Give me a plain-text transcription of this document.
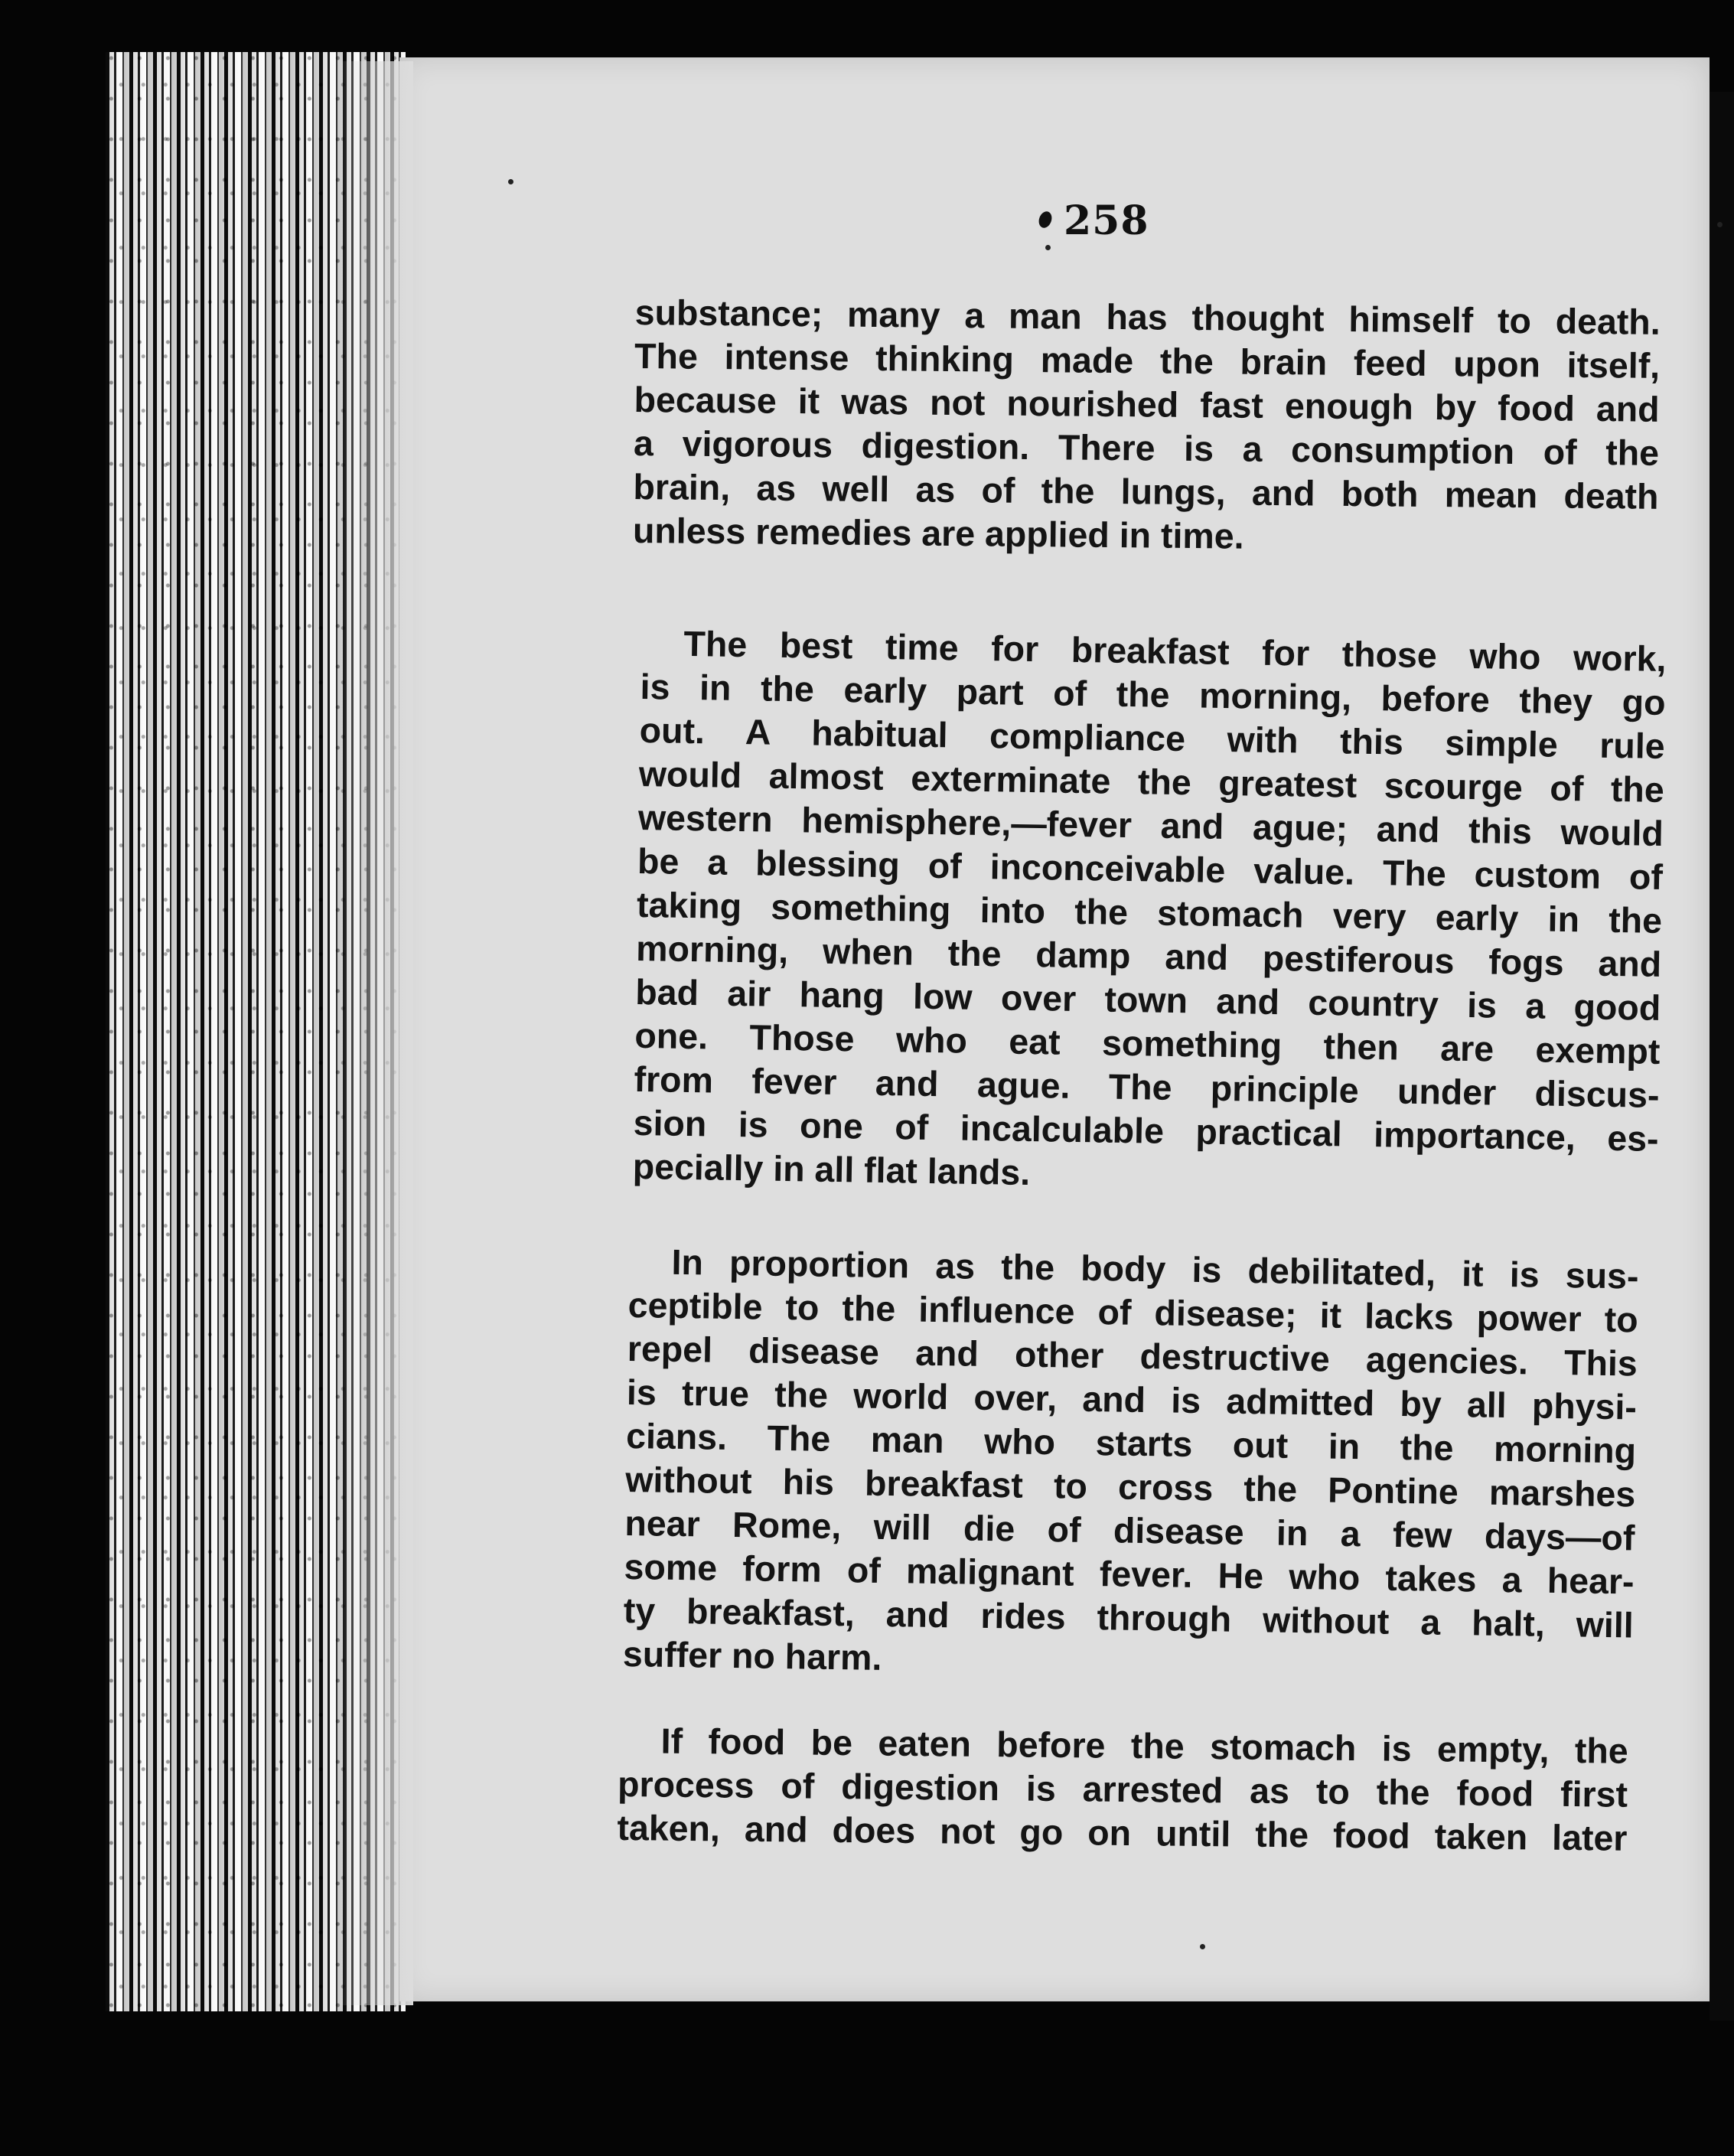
258
substance; many a man has thought himself to death.
The intense thinking made the brain feed upon itself,
because it was not nourished fast enough by food and
a vigorous digestion. There is a consumption of the
brain, as well as of the lungs, and both mean death
unless remedies are applied in time.
The best time for breakfast for those who work,
is in the early part of the morning, before they go
out. A habitual compliance with this simple rule
would almost exterminate the greatest scourge of the
western hemisphere,—fever and ague; and this would
be a blessing of inconceivable value. The custom of
taking something into the stomach very early in the
morning, when the damp and pestiferous fogs and
bad air hang low over town and country is a good
one. Those who eat something then are exempt
from fever and ague. The principle under discus-
sion is one of incalculable practical importance, es-
pecially in all flat lands.
In proportion as the body is debilitated, it is sus-
ceptible to the influence of disease; it lacks power to
repel disease and other destructive agencies. This
is true the world over, and is admitted by all physi-
cians. The man who starts out in the morning
without his breakfast to cross the Pontine marshes
near Rome, will die of disease in a few days—of
some form of malignant fever. He who takes a hear-
ty breakfast, and rides through without a halt, will
suffer no harm.
If food be eaten before the stomach is empty, the
process of digestion is arrested as to the food first
taken, and does not go on until the food taken later
